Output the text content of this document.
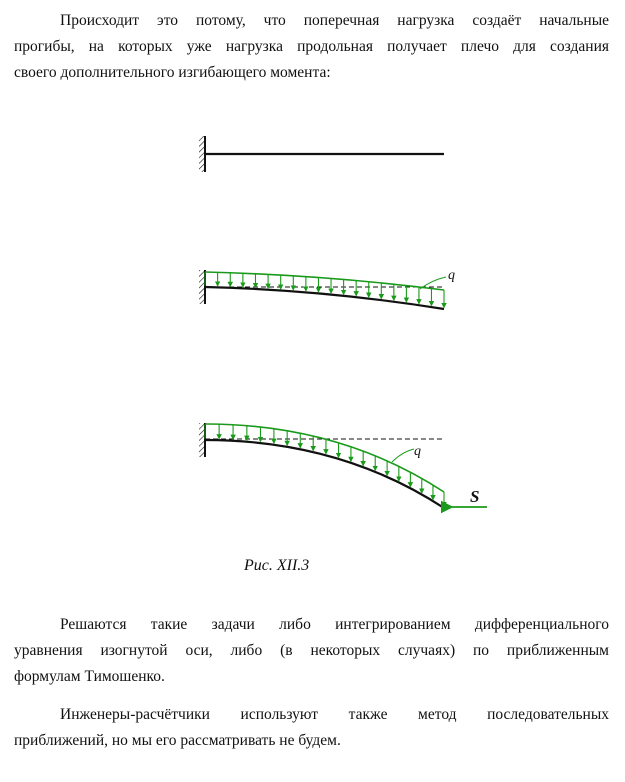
Происходит это потому, что поперечная нагрузка создаёт начальные
прогибы, на которых уже нагрузка продольная получает плечо для создания
своего дополнительного изгибающего момента:
q
q
S

Рис. XII.3

Решаются такие задачи либо интегрированием дифференциального
уравнения изогнутой оси, либо (в некоторых случаях) по приближенным
формулам Тимошенко.
Инженеры-расчётчики используют также метод последовательных
приближений, но мы его рассматривать не будем.
